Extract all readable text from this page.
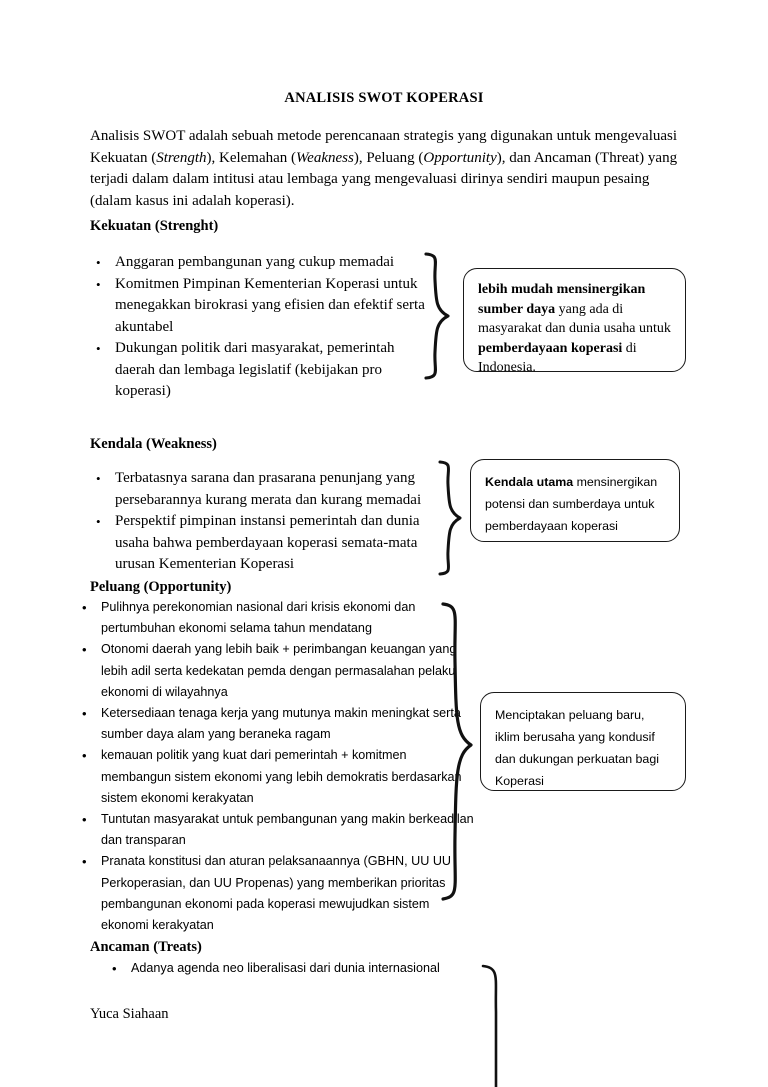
ANALISIS SWOT KOPERASI
Analisis SWOT adalah sebuah metode perencanaan strategis yang digunakan untuk mengevaluasi Kekuatan (Strength), Kelemahan (Weakness), Peluang (Opportunity), dan Ancaman (Threat) yang terjadi dalam dalam intitusi atau lembaga yang mengevaluasi dirinya sendiri maupun pesaing (dalam kasus ini adalah koperasi).
Kekuatan (Strenght)
• Anggaran pembangunan yang cukup memadai
• Komitmen Pimpinan Kementerian Koperasi untuk menegakkan birokrasi yang efisien dan efektif serta akuntabel
• Dukungan politik dari masyarakat, pemerintah daerah dan lembaga legislatif (kebijakan pro koperasi)
lebih mudah mensinergikan sumber daya yang ada di masyarakat dan dunia usaha untuk pemberdayaan koperasi di Indonesia.
Kendala (Weakness)
• Terbatasnya sarana dan prasarana penunjang yang persebarannya kurang merata dan kurang memadai
• Perspektif pimpinan instansi pemerintah dan dunia usaha bahwa pemberdayaan koperasi semata-mata urusan Kementerian Koperasi
Kendala utama mensinergikan potensi dan sumberdaya untuk pemberdayaan koperasi
Peluang (Opportunity)
• Pulihnya perekonomian nasional dari krisis ekonomi dan pertumbuhan ekonomi selama tahun mendatang
• Otonomi daerah yang lebih baik + perimbangan keuangan yang lebih adil serta kedekatan pemda dengan permasalahan pelaku ekonomi di wilayahnya
• Ketersediaan tenaga kerja yang mutunya makin meningkat serta sumber daya alam yang beraneka ragam
• kemauan politik yang kuat dari pemerintah + komitmen membangun sistem ekonomi yang lebih demokratis berdasarkan sistem ekonomi kerakyatan
• Tuntutan masyarakat untuk pembangunan yang makin berkeadilan dan transparan
• Pranata konstitusi dan aturan pelaksanaannya (GBHN, UU UU Perkoperasian, dan UU Propenas) yang memberikan prioritas pembangunan ekonomi pada koperasi mewujudkan sistem ekonomi kerakyatan
Menciptakan peluang baru, iklim berusaha yang kondusif dan dukungan perkuatan bagi Koperasi
Ancaman (Treats)
• Adanya agenda neo liberalisasi dari dunia internasional
Yuca Siahaan
